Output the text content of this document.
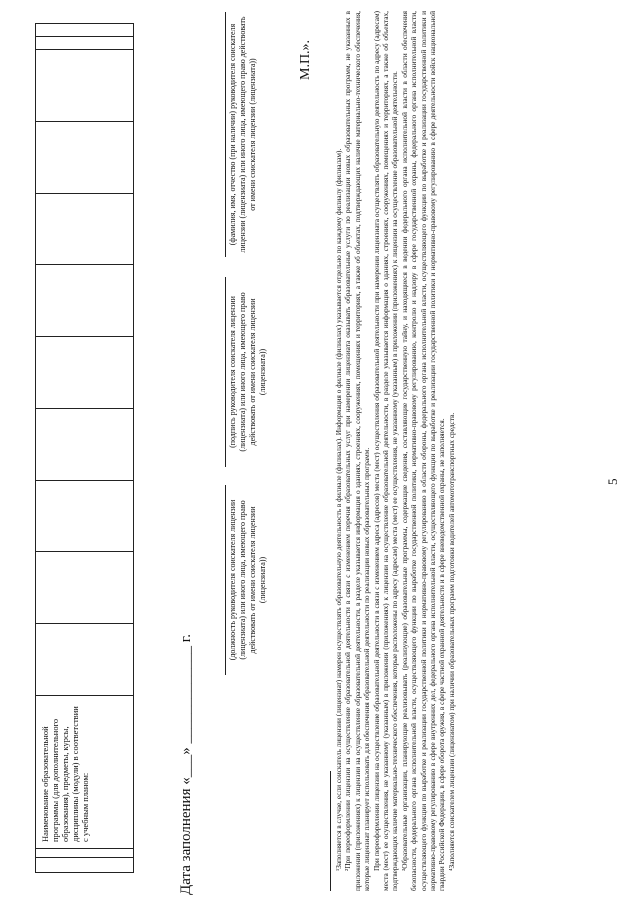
5
		Наименование образовательной программы (для дополнительного образования), предметы, курсы, дисциплины (модули) в соответствии с учебным планом:												Дата заполнения «___» _____________ г.
(должность руководителя соискателя лицензии (лицензиата) или иного лица, имеющего право действовать от имени соискателя лицензии (лицензиата))
(подпись руководителя соискателя лицензии (лицензиата) или иного лица, имеющего право действовать от имени соискателя лицензии (лицензиата))
(фамилия, имя, отчество (при наличии) руководителя соискателя лицензии (лицензиата) или иного лица, имеющего право действовать от имени соискателя лицензии (лицензиата))	М.П.».

¹Заполняется в случае, если соискатель лицензии (лицензиат) намерен осуществлять образовательную деятельность в филиале (филиалах). Информация о филиале (филиалах) указывается отдельно по каждому филиалу (филиалам). ²При переоформлении лицензии на осуществление образовательной деятельности в связи с изменением перечня образовательных услуг при намерении лицензиата оказывать образовательные услуги по реализации новых образовательных программ, не указанных в приложении (приложениях) к лицензии на осуществление образовательной деятельности, в разделе указывается информация о зданиях, строениях, сооружениях, помещениях и территориях, а также об объектах, подтверждающих наличие материально-технического обеспечения, которые лицензиат планирует использовать для обеспечения образовательной деятельности по реализации новых образовательных программ. При переоформлении лицензии на осуществление образовательной деятельности в связи с изменением адреса (адресов) места (мест) осуществления образовательной деятельности при намерении лицензиата осуществлять образовательную деятельность по адресу (адресам) места (мест) ее осуществления, не указанному (указанным) в приложении (приложениях) к лицензии на осуществление образовательной деятельности, в разделе указывается информация о зданиях, строениях, сооружениях, помещениях и территориях, а также об объектах, подтверждающих наличие материально-технического обеспечения, которые расположены по адресу (адресам) места (мест) ее осуществления, не указанному (указанным) в приложении (приложениях) к лицензии на осуществление образовательной деятельности. ³Образовательные организации, планирующие реализовывать (реализующие) образовательные программы, содержащие сведения, составляющие государственную тайну, и находящиеся в ведении федерального органа исполнительной власти в области обеспечения безопасности, федерального органа исполнительной власти, осуществляющего функции по выработке государственной политики, нормативно-правовому регулированию, контролю и надзору в сфере государственной охраны, федерального органа исполнительной власти, осуществляющего функции по выработке и реализации государственной политики и нормативно-правовому регулированию в области обороны, федерального органа исполнительной власти, осуществляющего функции по выработке и реализации государственной политики и нормативно-правовому регулированию в сфере внутренних дел, федерального органа исполнительной власти, осуществляющего функции по выработке и реализации государственной политики и нормативно-правовому регулированию в сфере деятельности войск национальной гвардии Российской Федерации, в сфере оборота оружия, в сфере частной охранной деятельности и в сфере вневедомственной охраны, не заполняется. ⁴Заполняется соискателем лицензии (лицензиатом) при наличии образовательных программ подготовки водителей автомототранспортных средств.
